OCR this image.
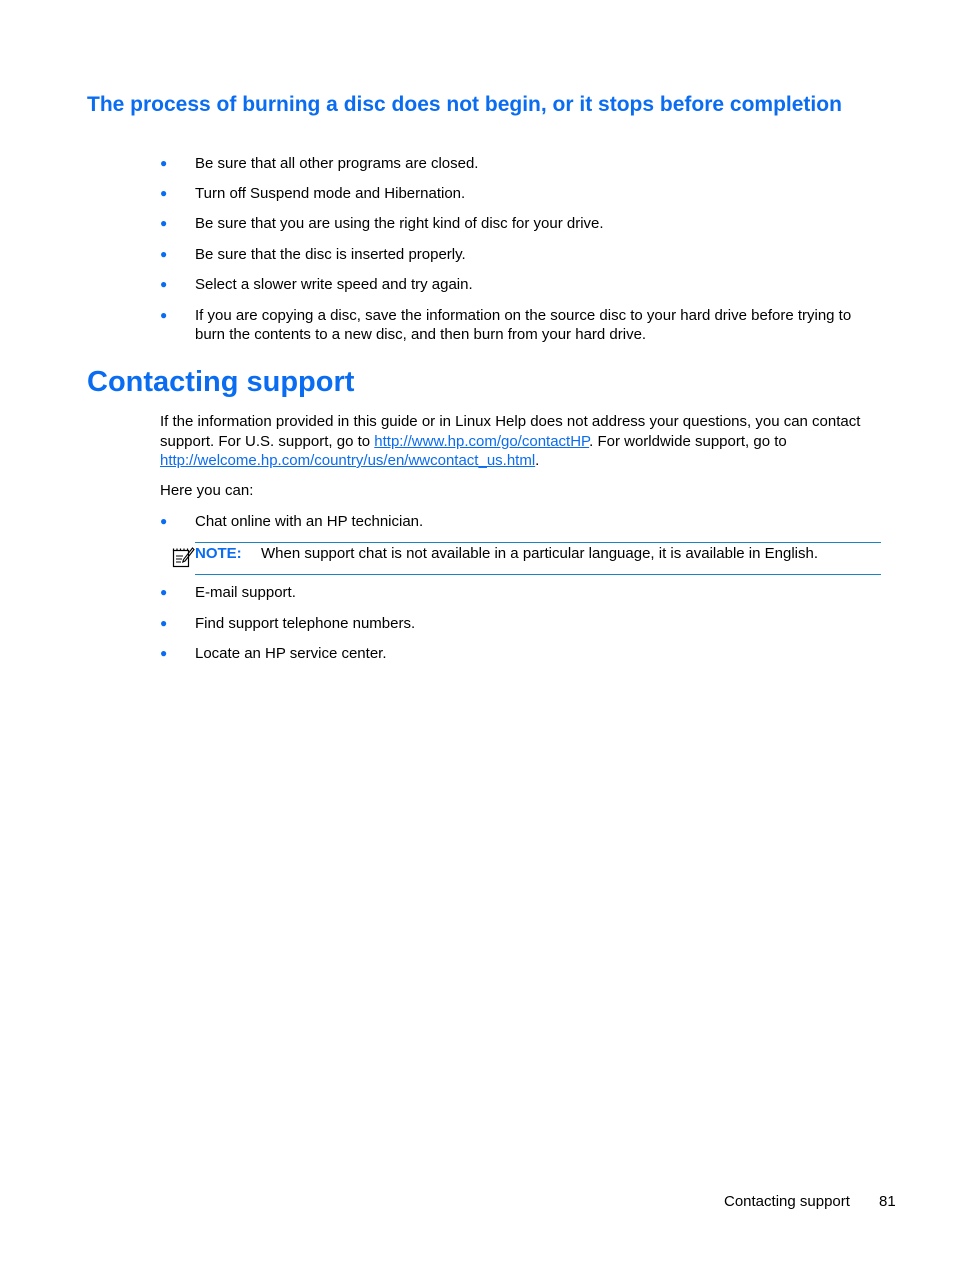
The process of burning a disc does not begin, or it stops before completion
●	Be sure that all other programs are closed.
●	Turn off Suspend mode and Hibernation.
●	Be sure that you are using the right kind of disc for your drive.
●	Be sure that the disc is inserted properly.
●	Select a slower write speed and try again.
●	If you are copying a disc, save the information on the source disc to your hard drive before trying to burn the contents to a new disc, and then burn from your hard drive.
Contacting support

If the information provided in this guide or in Linux Help does not address your questions, you can contact support. For U.S. support, go to http://www.hp.com/go/contactHP. For worldwide support, go to http://welcome.hp.com/country/us/en/wwcontact_us.html.

Here you can:

●	Chat online with an HP technician.
NOTE: When support chat is not available in a particular language, it is available in English.
●	E-mail support.
●	Find support telephone numbers.
●	Locate an HP service center.
Contacting support 81
